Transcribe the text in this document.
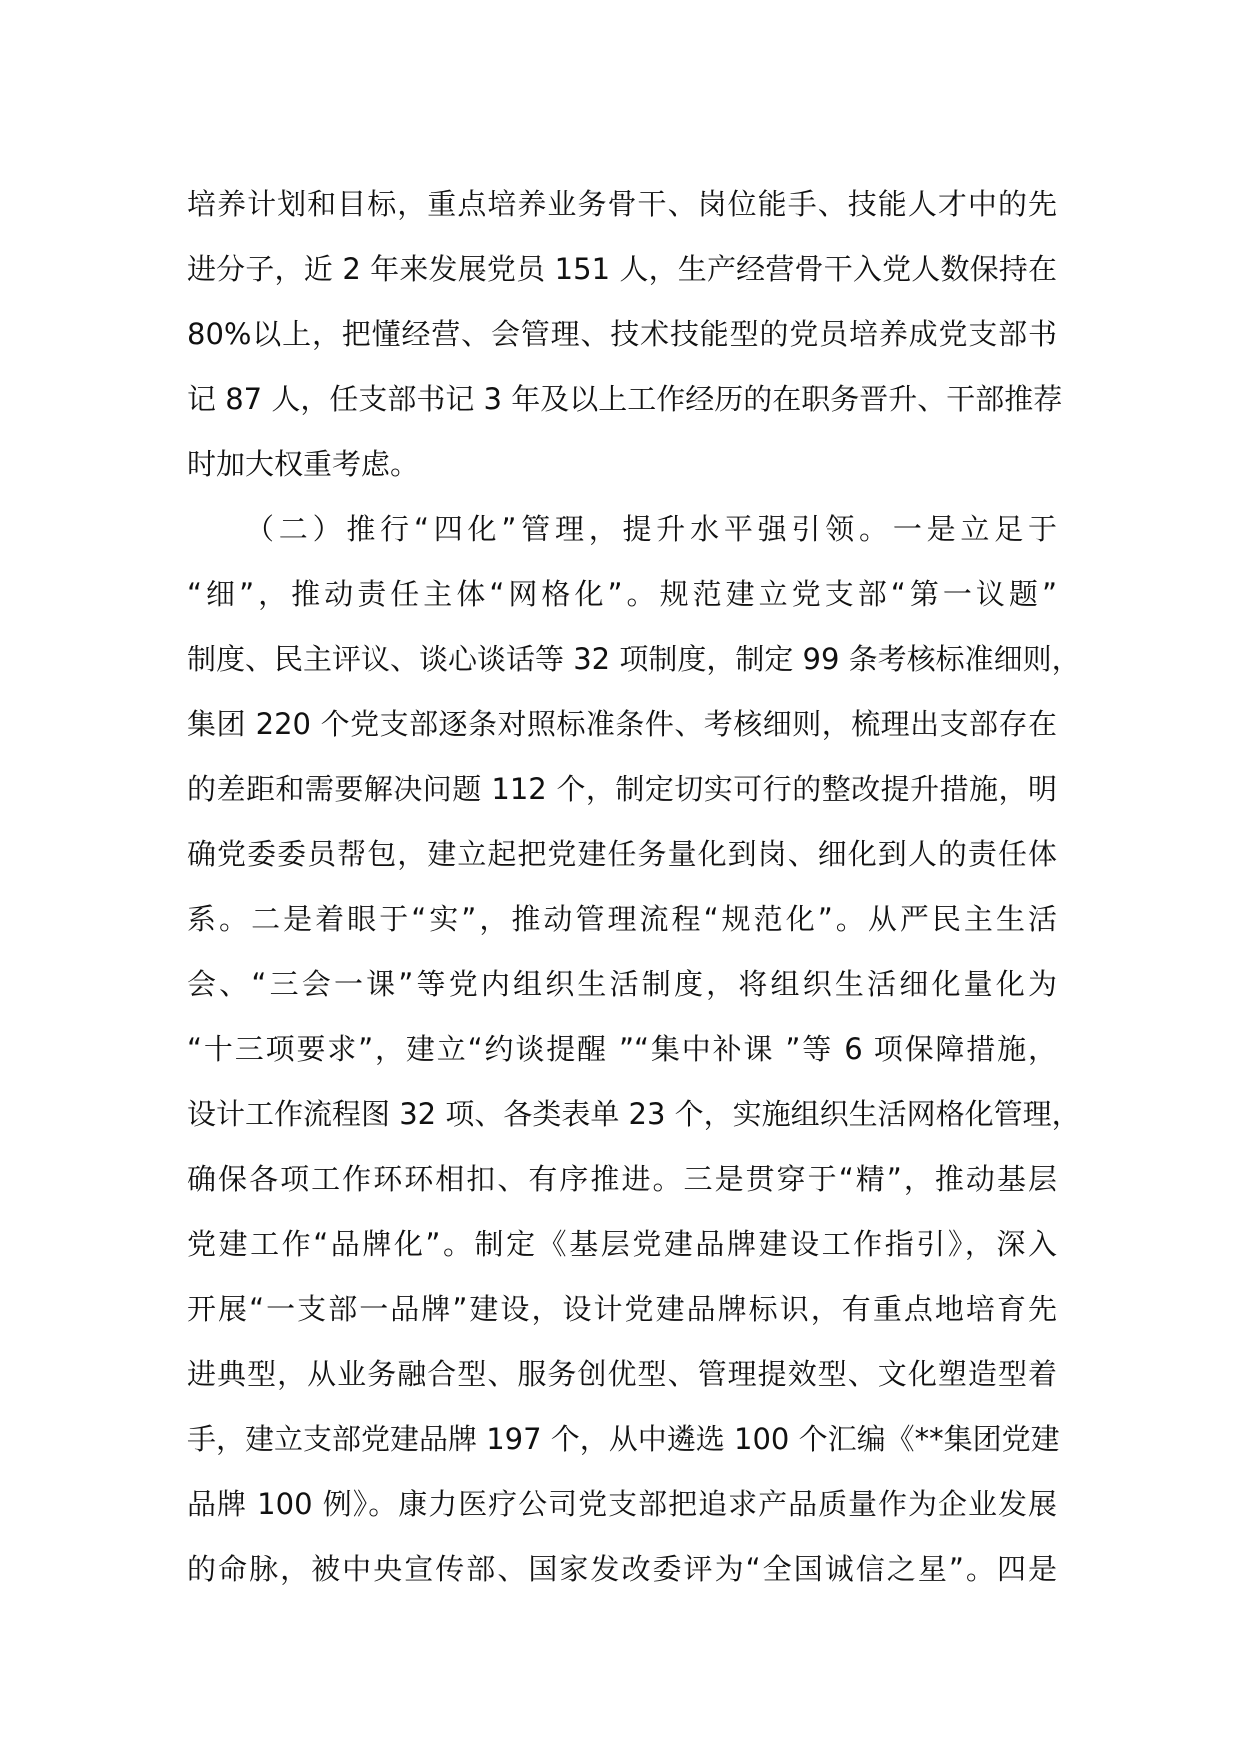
培养计划和目标，重点培养业务骨干、岗位能手、技能人才中的先
进分子，近 2 年来发展党员 151 人，生产经营骨干入党人数保持在
80%以上，把懂经营、会管理、技术技能型的党员培养成党支部书
记 87 人，任支部书记 3 年及以上工作经历的在职务晋升、干部推荐
时加大权重考虑。
（二）推行“四化”管理，提升水平强引领。一是立足于
“细”，推动责任主体“网格化”。规范建立党支部“第一议题”
制度、民主评议、谈心谈话等 32 项制度，制定 99 条考核标准细则，
集团 220 个党支部逐条对照标准条件、考核细则，梳理出支部存在
的差距和需要解决问题 112 个，制定切实可行的整改提升措施，明
确党委委员帮包，建立起把党建任务量化到岗、细化到人的责任体
系。二是着眼于“实”，推动管理流程“规范化”。从严民主生活
会、“三会一课”等党内组织生活制度，将组织生活细化量化为
“十三项要求”，建立“约谈提醒 ”“集中补课 ”等 6 项保障措施，
设计工作流程图 32 项、各类表单 23 个，实施组织生活网格化管理，
确保各项工作环环相扣、有序推进。三是贯穿于“精”，推动基层
党建工作“品牌化”。制定《基层党建品牌建设工作指引》，深入
开展“一支部一品牌”建设，设计党建品牌标识，有重点地培育先
进典型，从业务融合型、服务创优型、管理提效型、文化塑造型着
手，建立支部党建品牌 197 个，从中遴选 100 个汇编《**集团党建
品牌 100 例》。康力医疗公司党支部把追求产品质量作为企业发展
的命脉，被中央宣传部、国家发改委评为“全国诚信之星”。四是
